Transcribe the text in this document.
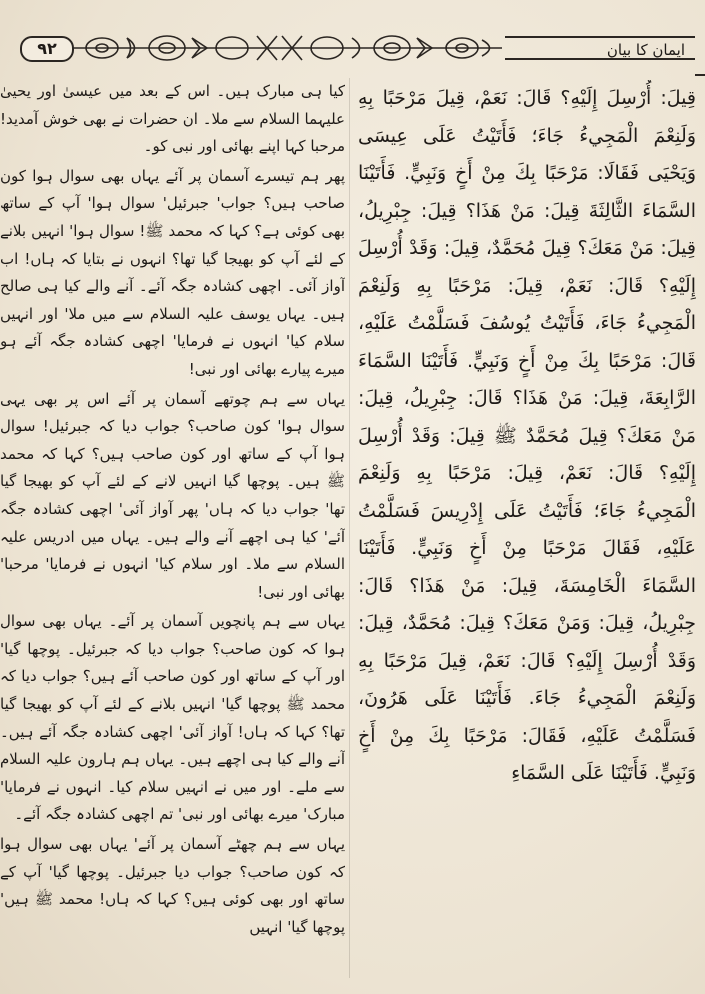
۹۲	ایمان کا بیان

کیا ہی مبارک ہیں۔ اس کے بعد میں عیسیٰ اور یحییٰ علیہما السلام سے ملا۔ ان حضرات نے بھی خوش آمدید! مرحبا کہا اپنے بھائی اور نبی کو۔

پھر ہم تیسرے آسمان پر آئے یہاں بھی سوال ہوا کون صاحب ہیں؟ جواب' جبرئیل' سوال ہوا' آپ کے ساتھ بھی کوئی ہے؟ کہا کہ محمد ﷺ! سوال ہوا' انہیں بلانے کے لئے آپ کو بھیجا گیا تھا؟ انہوں نے بتایا کہ ہاں! اب آواز آئی۔ اچھی کشادہ جگہ آئے۔ آنے والے کیا ہی صالح ہیں۔ یہاں یوسف علیہ السلام سے میں ملا' اور انہیں سلام کیا' انہوں نے فرمایا' اچھی کشادہ جگہ آئے ہو میرے پیارے بھائی اور نبی!

یہاں سے ہم چوتھے آسمان پر آئے اس پر بھی یہی سوال ہوا' کون صاحب؟ جواب دیا کہ جبرئیل! سوال ہوا آپ کے ساتھ اور کون صاحب ہیں؟ کہا کہ محمد ﷺ ہیں۔ پوچھا گیا انہیں لانے کے لئے آپ کو بھیجا گیا تھا' جواب دیا کہ ہاں' پھر آواز آئی' اچھی کشادہ جگہ آئے' کیا ہی اچھے آنے والے ہیں۔ یہاں میں ادریس علیہ السلام سے ملا۔ اور سلام کیا' انہوں نے فرمایا' مرحبا' بھائی اور نبی!

یہاں سے ہم پانچویں آسمان پر آئے۔ یہاں بھی سوال ہوا کہ کون صاحب؟ جواب دیا کہ جبرئیل۔ پوچھا گیا' اور آپ کے ساتھ اور کون صاحب آئے ہیں؟ جواب دیا کہ محمد ﷺ پوچھا گیا' انہیں بلانے کے لئے آپ کو بھیجا گیا تھا؟ کہا کہ ہاں! آواز آئی' اچھی کشادہ جگہ آئے ہیں۔ آنے والے کیا ہی اچھے ہیں۔ یہاں ہم ہارون علیہ السلام سے ملے۔ اور میں نے انہیں سلام کیا۔ انہوں نے فرمایا' مبارک' میرے بھائی اور نبی' تم اچھی کشادہ جگہ آئے۔

یہاں سے ہم چھٹے آسمان پر آئے' یہاں بھی سوال ہوا کہ کون صاحب؟ جواب دیا جبرئیل۔ پوچھا گیا' آپ کے ساتھ اور بھی کوئی ہیں؟ کہا کہ ہاں! محمد ﷺ ہیں' پوچھا گیا' انہیں

قِيلَ: أُرْسِلَ إِلَيْهِ؟ قَالَ: نَعَمْ، قِيلَ مَرْحَبًا بِهِ وَلَنِعْمَ الْمَجِيءُ جَاءَ؛ فَأَتَيْتُ عَلَى عِيسَى وَيَحْيَى فَقَالَا: مَرْحَبًا بِكَ مِنْ أَخٍ وَنَبِيٍّ. فَأَتَيْنَا السَّمَاءَ الثَّالِثَةَ قِيلَ: مَنْ هَذَا؟ قِيلَ: جِبْرِيلُ، قِيلَ: مَنْ مَعَكَ؟ قِيلَ مُحَمَّدٌ، قِيلَ: وَقَدْ أُرْسِلَ إِلَيْهِ؟ قَالَ: نَعَمْ، قِيلَ: مَرْحَبًا بِهِ وَلَنِعْمَ الْمَجِيءُ جَاءَ، فَأَتَيْتُ يُوسُفَ فَسَلَّمْتُ عَلَيْهِ، قَالَ: مَرْحَبًا بِكَ مِنْ أَخٍ وَنَبِيٍّ. فَأَتَيْنَا السَّمَاءَ الرَّابِعَةَ، قِيلَ: مَنْ هَذَا؟ قَالَ: جِبْرِيلُ، قِيلَ: مَنْ مَعَكَ؟ قِيلَ مُحَمَّدٌ ﷺ قِيلَ: وَقَدْ أُرْسِلَ إِلَيْهِ؟ قَالَ: نَعَمْ، قِيلَ: مَرْحَبًا بِهِ وَلَنِعْمَ الْمَجِيءُ جَاءَ؛ فَأَتَيْتُ عَلَى إِدْرِيسَ فَسَلَّمْتُ عَلَيْهِ، فَقَالَ مَرْحَبًا مِنْ أَخٍ وَنَبِيٍّ. فَأَتَيْنَا السَّمَاءَ الْخَامِسَةَ، قِيلَ: مَنْ هَذَا؟ قَالَ: جِبْرِيلُ، قِيلَ: وَمَنْ مَعَكَ؟ قِيلَ: مُحَمَّدٌ، قِيلَ: وَقَدْ أُرْسِلَ إِلَيْهِ؟ قَالَ: نَعَمْ، قِيلَ مَرْحَبًا بِهِ وَلَنِعْمَ الْمَجِيءُ جَاءَ. فَأَتَيْنَا عَلَى هَرُونَ، فَسَلَّمْتُ عَلَيْهِ، فَقَالَ: مَرْحَبًا بِكَ مِنْ أَخٍ وَنَبِيٍّ. فَأَتَيْنَا عَلَى السَّمَاءِ
